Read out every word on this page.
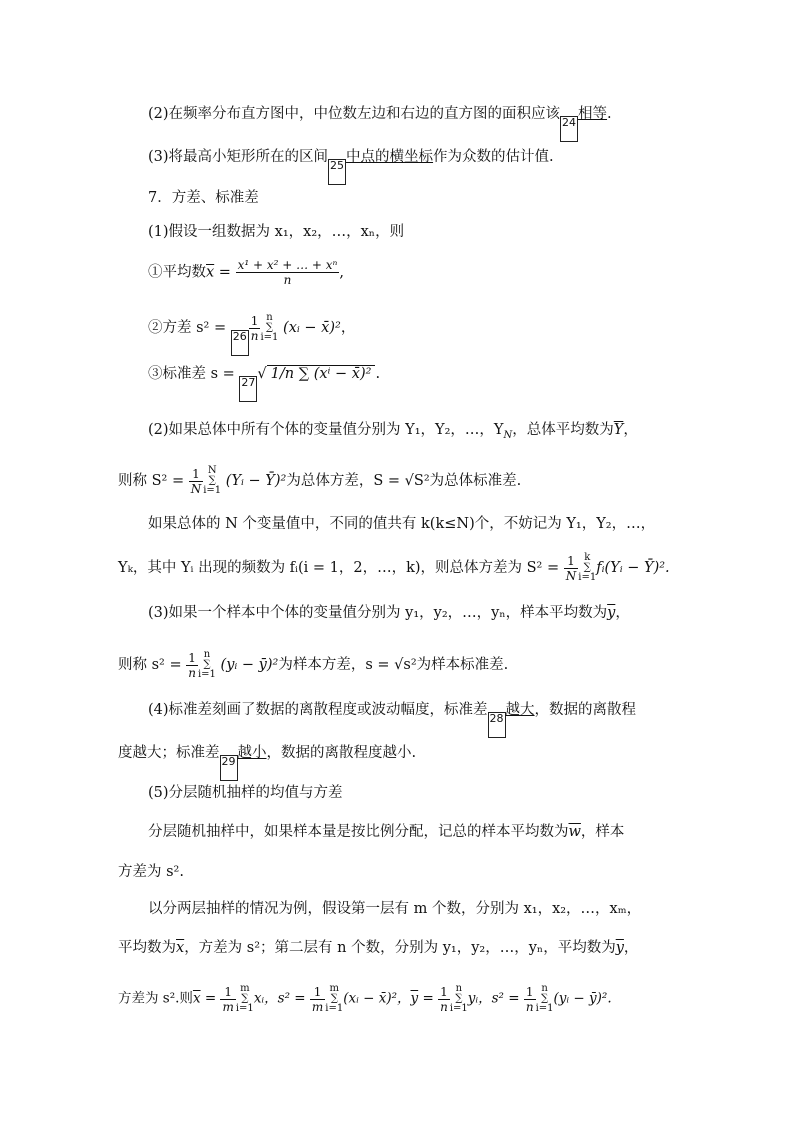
(2)在频率分布直方图中，中位数左边和右边的直方图的面积应该24相等.
(3)将最高小矩形所在的区间25中点的横坐标作为众数的估计值.
7．方差、标准差
(1)假设一组数据为 x₁，x₂，…，xₙ，则
①平均数$\overline{x} = \frac{\text{x¹ + x² + … + xⁿ}}{n}$ ,
②方差 $s^2 = 26 \frac{1}{n}$ n
∑
i=1
(xᵢ − x̄)²，
③标准差 s = 27√ 1/n ∑ (xⁱ − x̄)² .
(2)如果总体中所有个体的变量值分别为 Y₁，Y₂，…，$Y_N$，总体平均数为$\overline{Y}$，
则称 $S^2 = \frac{1}{N}$ N
∑
i=1
(Yᵢ − Ȳ)²为总体方差，S = √S²为总体标准差.
如果总体的 N 个变量值中，不同的值共有 k(k≤N)个，不妨记为 Y₁，Y₂，…，
Yₖ，其中 Yᵢ 出现的频数为 fᵢ(i = 1，2，…，k)，则总体方差为 $S^2 = \frac{1}{N}$ k
∑
i=1
fᵢ(Yᵢ − Ȳ)².
(3)如果一个样本中个体的变量值分别为 y₁，y₂，…，yₙ，样本平均数为$\overline{y}$，
则称 $s^2 = \frac{1}{n}$ n
∑
i=1
(yᵢ − ȳ)²为样本方差，s = √s²为样本标准差.
(4)标准差刻画了数据的离散程度或波动幅度，标准差28越大，数据的离散程
度越大；标准差29越小，数据的离散程度越小.
(5)分层随机抽样的均值与方差
分层随机抽样中，如果样本量是按比例分配，记总的样本平均数为$\overline{w}$，样本
方差为 s².
以分两层抽样的情况为例，假设第一层有 m 个数，分别为 x₁，x₂，…，xₘ，
平均数为$\overline{x}$，方差为 s²；第二层有 n 个数，分别为 y₁，y₂，…，yₙ，平均数为$\overline{y}$，
方差为 s².则$\overline{x} = \frac{1}{m}$ m
∑
i=1
xᵢ，$s^2 = \frac{1}{m}$ m
∑
i=1
(xᵢ − x̄)²，$\overline{y} = \frac{1}{n}$ n
∑
i=1
yᵢ，$s^2 = \frac{1}{n}$ n
∑
i=1
(yᵢ − ȳ)².
